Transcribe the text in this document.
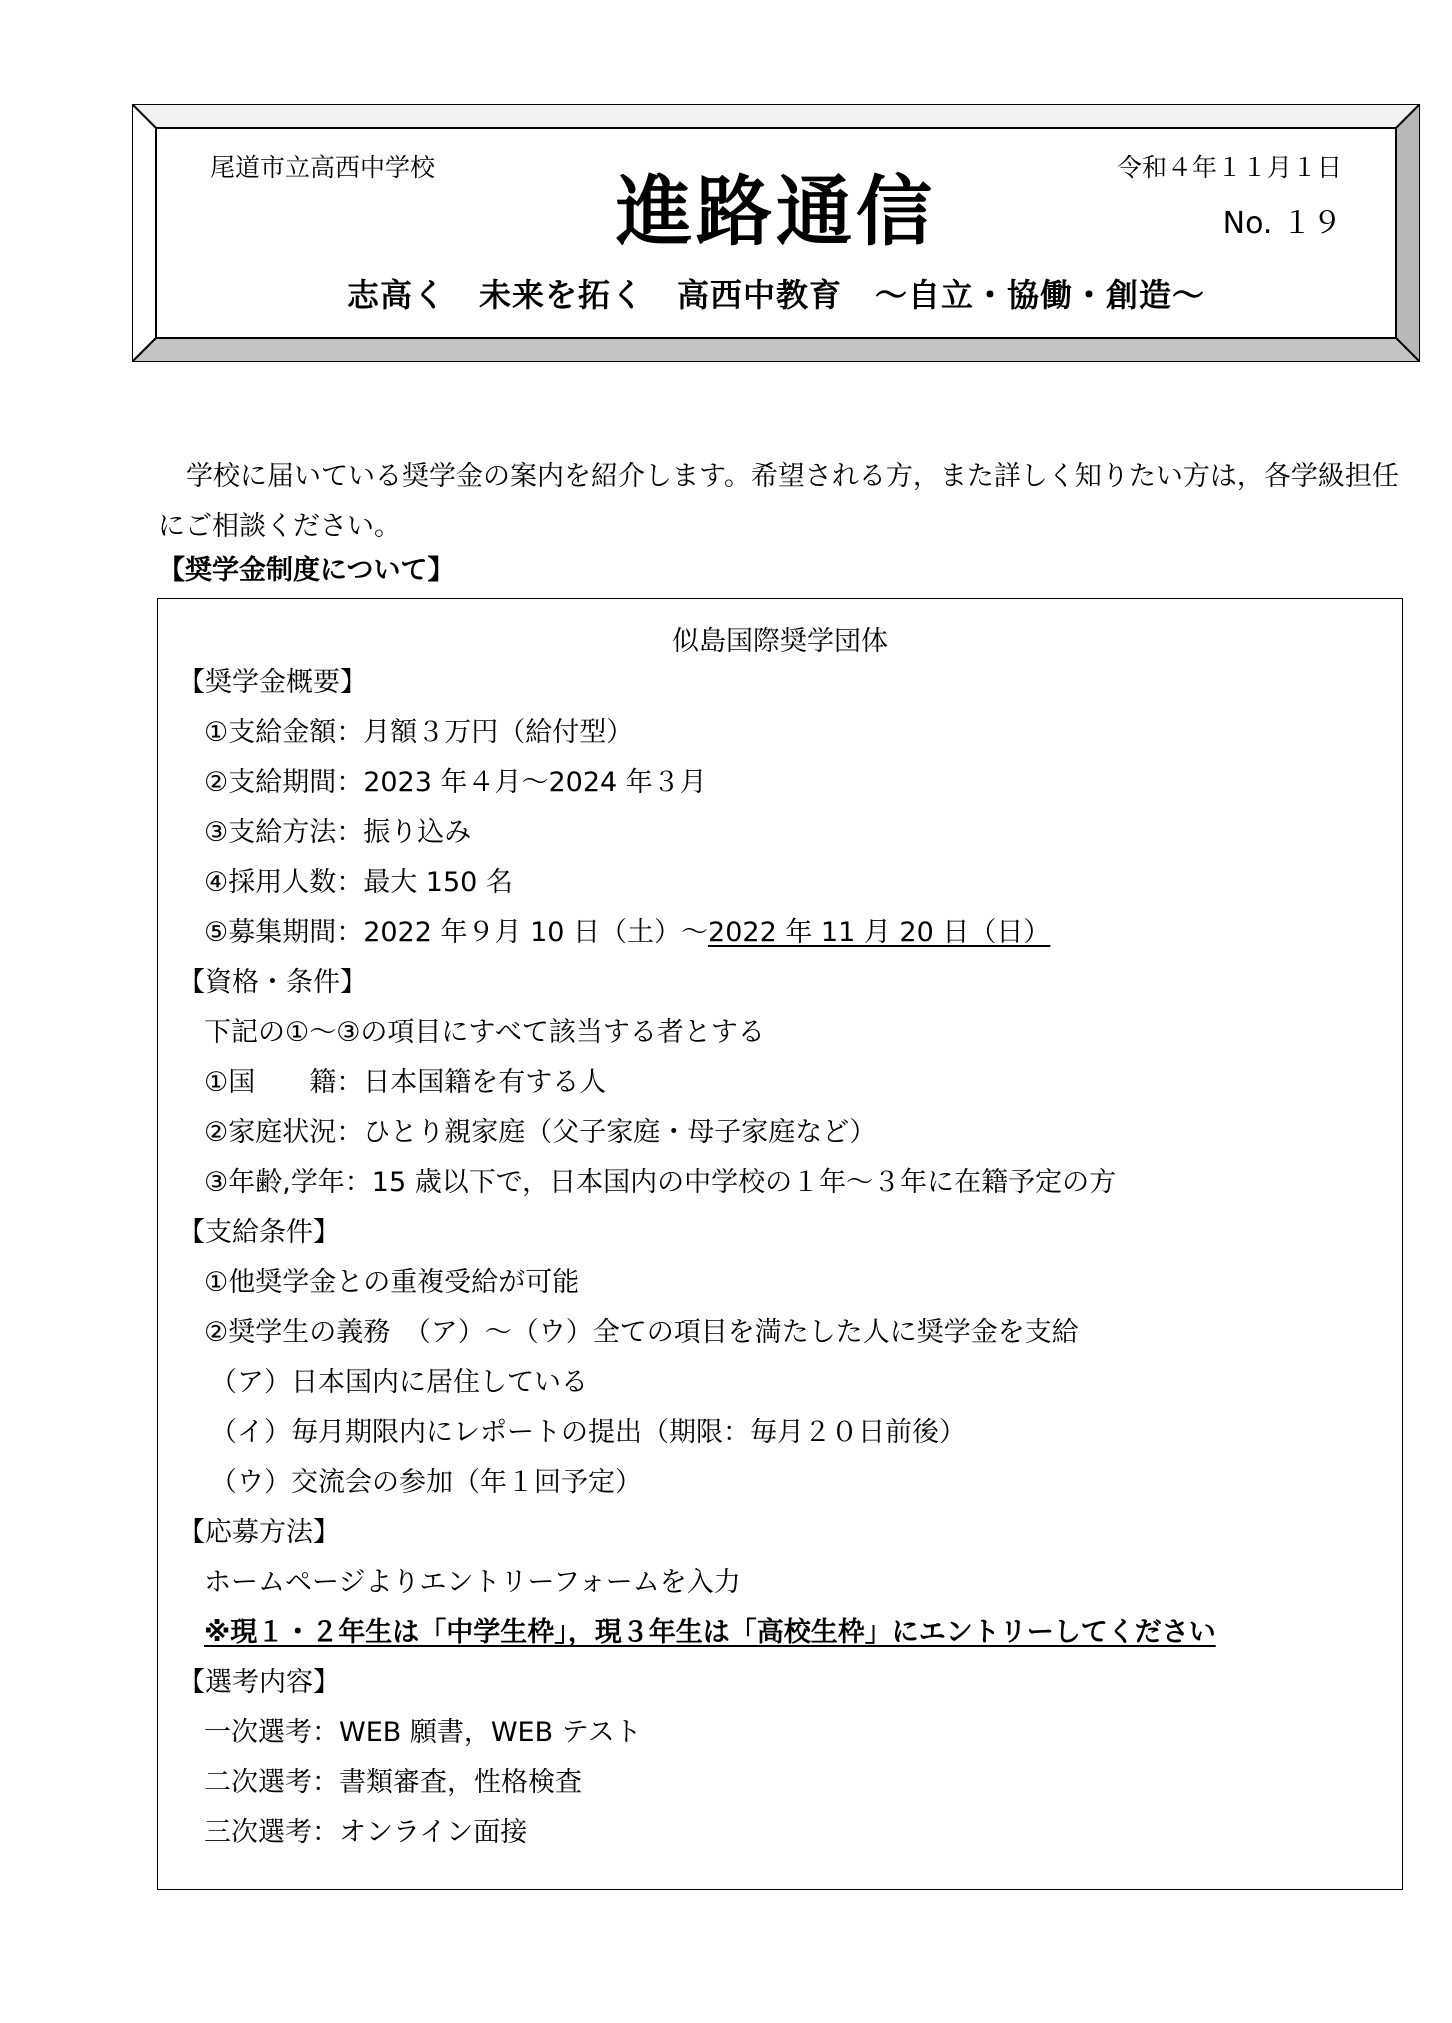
尾道市立高西中学校	令和４年１１月１日
進路通信	No. １９
志高く　未来を拓く　高西中教育　～自立・協働・創造～
学校に届いている奨学金の案内を紹介します。希望される方，また詳しく知りたい方は，各学級担任にご相談ください。
【奨学金制度について】
似島国際奨学団体
【奨学金概要】
①支給金額：月額３万円（給付型）
②支給期間：2023 年４月～2024 年３月
③支給方法：振り込み
④採用人数：最大 150 名
⑤募集期間：2022 年９月 10 日（土）～2022 年 11 月 20 日（日）
【資格・条件】
下記の①～③の項目にすべて該当する者とする
①国　　籍：日本国籍を有する人
②家庭状況：ひとり親家庭（父子家庭・母子家庭など）
③年齢,学年：15 歳以下で，日本国内の中学校の１年～３年に在籍予定の方
【支給条件】
①他奨学金との重複受給が可能
②奨学生の義務　（ア）～（ウ）全ての項目を満たした人に奨学金を支給
（ア）日本国内に居住している
（イ）毎月期限内にレポートの提出（期限：毎月２０日前後）
（ウ）交流会の参加（年１回予定）
【応募方法】
ホームページよりエントリーフォームを入力
※現１・２年生は「中学生枠」，現３年生は「高校生枠」にエントリーしてください
【選考内容】
一次選考：WEB 願書，WEB テスト
二次選考：書類審査，性格検査
三次選考：オンライン面接
